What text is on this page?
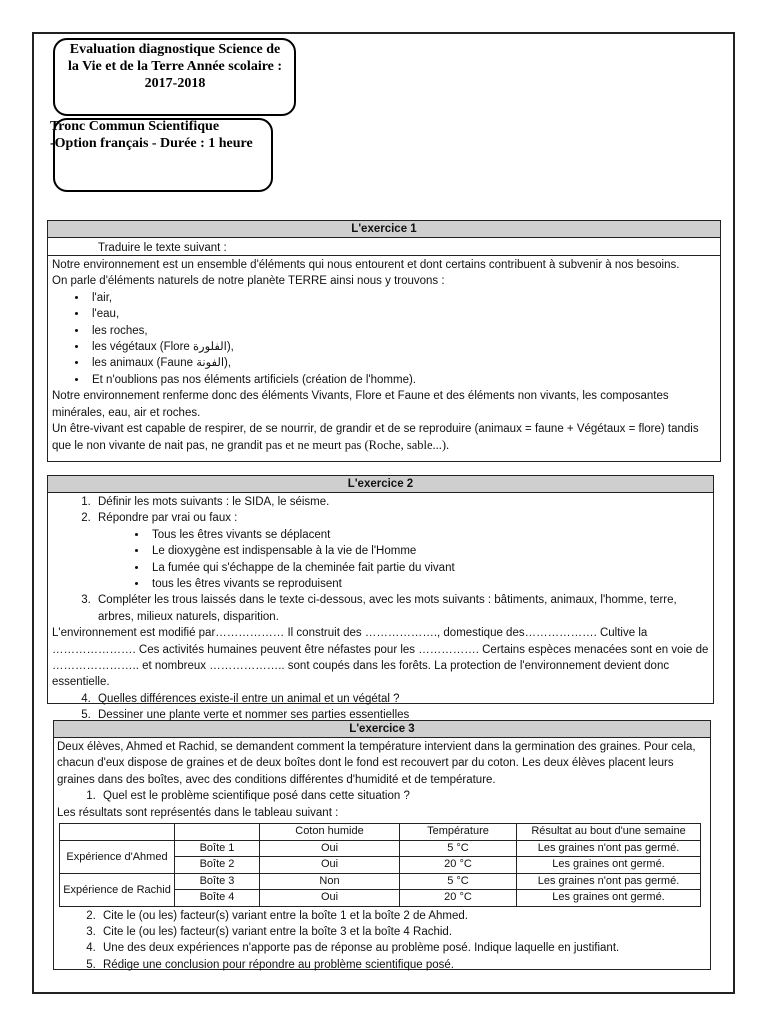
Evaluation diagnostique Science de
la Vie et de la Terre Année scolaire :
2017-2018
Tronc Commun Scientifique
-Option français - Durée : 1 heure
L'exercice 1
Traduire le texte suivant :

Notre environnement est un ensemble d'éléments qui nous entourent et dont certains contribuent à subvenir à nos besoins.

On parle d'éléments naturels de notre planète TERRE ainsi nous y trouvons :

• l'air,
• l'eau,
• les roches,
• les végétaux (Flore الفلورة),
• les animaux (Faune الفونة),
• Et n'oublions pas nos éléments artificiels (création de l'homme).

Notre environnement renferme donc des éléments Vivants, Flore et Faune et des éléments non vivants, les composantes minérales, eau, air et roches.

Un être-vivant est capable de respirer, de se nourrir, de grandir et de se reproduire (animaux = faune + Végétaux = flore) tandis que le non vivante de nait pas, ne grandit pas et ne meurt pas (Roche, sable...).

L'exercice 2
1. Définir les mots suivants : le SIDA, le séisme.
2. Répondre par vrai ou faux :
• Tous les êtres vivants se déplacent
• Le dioxygène est indispensable à la vie de l'Homme
• La fumée qui s'échappe de la cheminée fait partie du vivant
• tous les êtres vivants se reproduisent
3. Compléter les trous laissés dans le texte ci-dessous, avec les mots suivants : bâtiments, animaux, l'homme, terre, arbres, milieux naturels, disparition.

L'environnement est modifié par……………… Il construit des ………………., domestique des………………. Cultive la …………………. Ces activités humaines peuvent être néfastes pour les ……………. Certains espèces menacées sont en voie de ………………….. et nombreux ……………….. sont coupés dans les forêts. La protection de l'environnement devient donc essentielle.

4. Quelles différences existe-il entre un animal et un végétal ?
5. Dessiner une plante verte et nommer ses parties essentielles
L'exercice 3

Deux élèves, Ahmed et Rachid, se demandent comment la température intervient dans la germination des graines. Pour cela, chacun d'eux dispose de graines et de deux boîtes dont le fond est recouvert par du coton. Les deux élèves placent leurs graines dans des boîtes, avec des conditions différentes d'humidité et de température.

1. Quel est le problème scientifique posé dans cette situation ?

Les résultats sont représentés dans le tableau suivant :

		Coton humide	Température	Résultat au bout d'une semaine
Expérience d'Ahmed	Boîte 1	Oui	5 °C	Les graines n'ont pas germé.
	Boîte 2	Oui	20 °C	Les graines ont germé.
Expérience de Rachid	Boîte 3	Non	5 °C	Les graines n'ont pas germé.
	Boîte 4	Oui	20 °C	Les graines ont germé.
2. Cite le (ou les) facteur(s) variant entre la boîte 1 et la boîte 2 de Ahmed.
3. Cite le (ou les) facteur(s) variant entre la boîte 3 et la boîte 4 Rachid.
4. Une des deux expériences n'apporte pas de réponse au problème posé. Indique laquelle en justifiant.
5. Rédige une conclusion pour répondre au problème scientifique posé.
